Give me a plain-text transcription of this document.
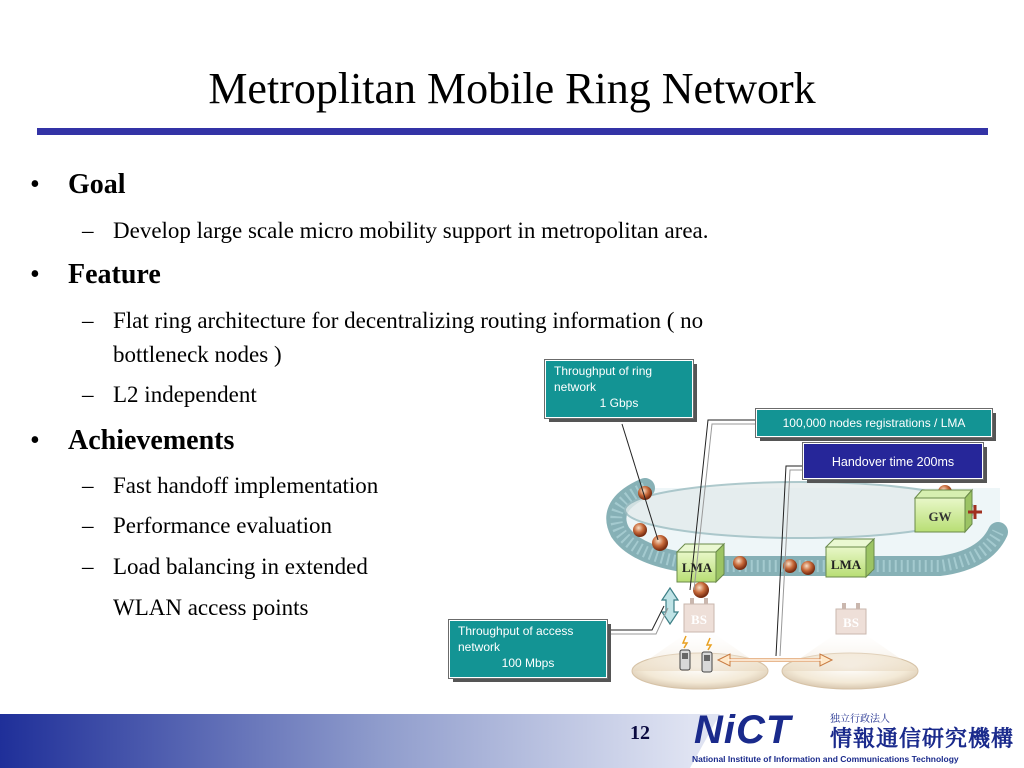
Metroplitan Mobile Ring Network
• Goal
– Develop large scale micro mobility support in metropolitan area.
• Feature
– Flat ring architecture for decentralizing routing information ( no
bottleneck nodes )
– L2 independent
• Achievements
– Fast handoff implementation
– Performance evaluation
– Load balancing in extended
WLAN access points
GW
LMA	LMA
BS	BS
Throughput of ring
network

1 Gbps
100,000 nodes registrations / LMA
Handover time 200ms
Throughput of access
network

100 Mbps
12	NiCT	独立行政法人
情報通信研究機構
National Institute of Information and Communications Technology
